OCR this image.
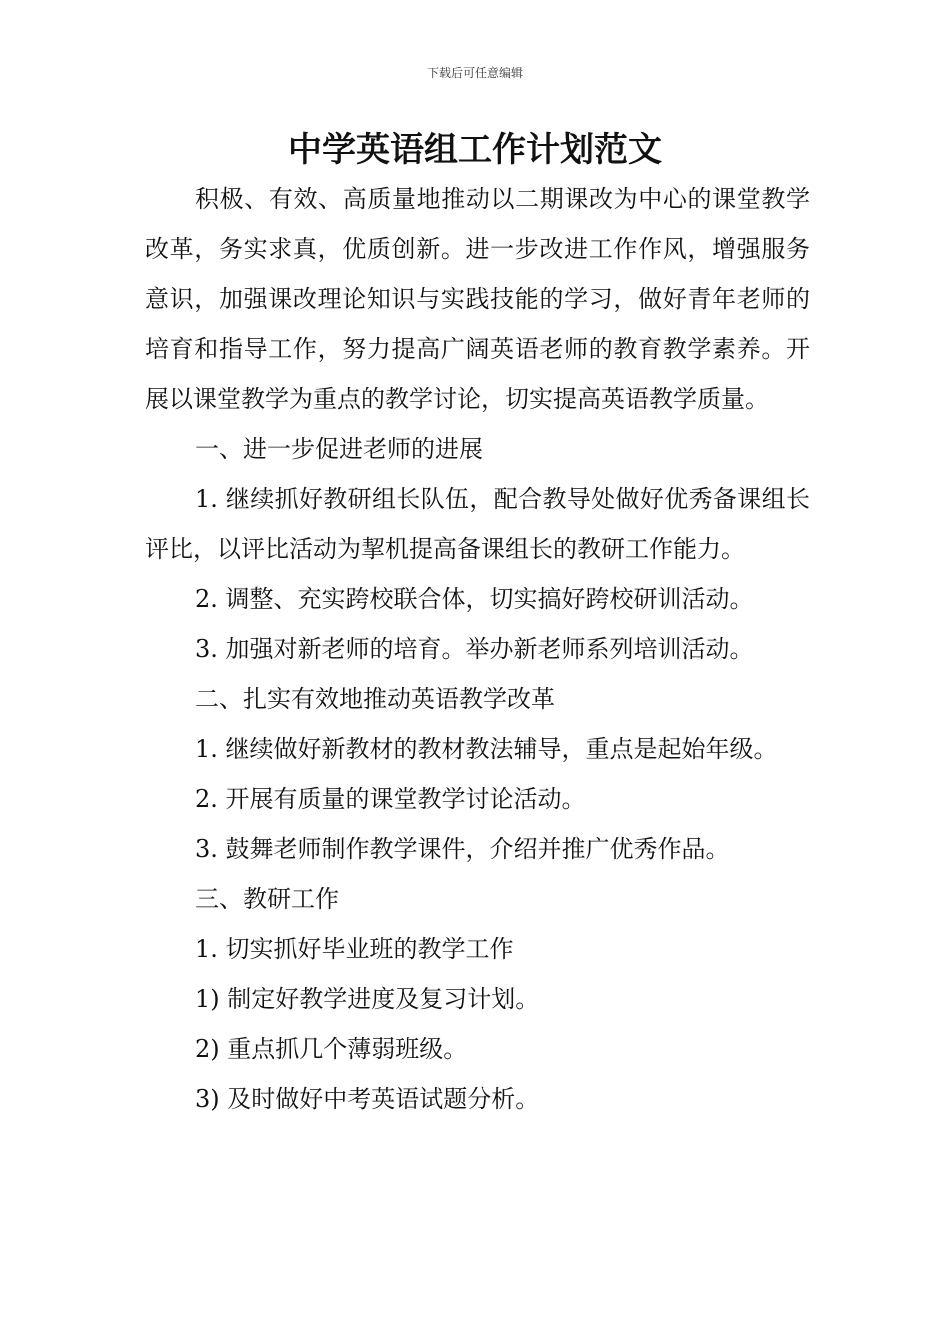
下载后可任意编辑
中学英语组工作计划范文

积极、有效、高质量地推动以二期课改为中心的课堂教学改革，务实求真，优质创新。进一步改进工作作风，增强服务意识，加强课改理论知识与实践技能的学习，做好青年老师的培育和指导工作，努力提高广阔英语老师的教育教学素养。开展以课堂教学为重点的教学讨论，切实提高英语教学质量。

一、进一步促进老师的进展

1. 继续抓好教研组长队伍，配合教导处做好优秀备课组长评比，以评比活动为挈机提高备课组长的教研工作能力。

2. 调整、充实跨校联合体，切实搞好跨校研训活动。

3. 加强对新老师的培育。举办新老师系列培训活动。

二、扎实有效地推动英语教学改革

1. 继续做好新教材的教材教法辅导，重点是起始年级。

2. 开展有质量的课堂教学讨论活动。

3. 鼓舞老师制作教学课件，介绍并推广优秀作品。

三、教研工作

1. 切实抓好毕业班的教学工作

1) 制定好教学进度及复习计划。

2) 重点抓几个薄弱班级。

3) 及时做好中考英语试题分析。
